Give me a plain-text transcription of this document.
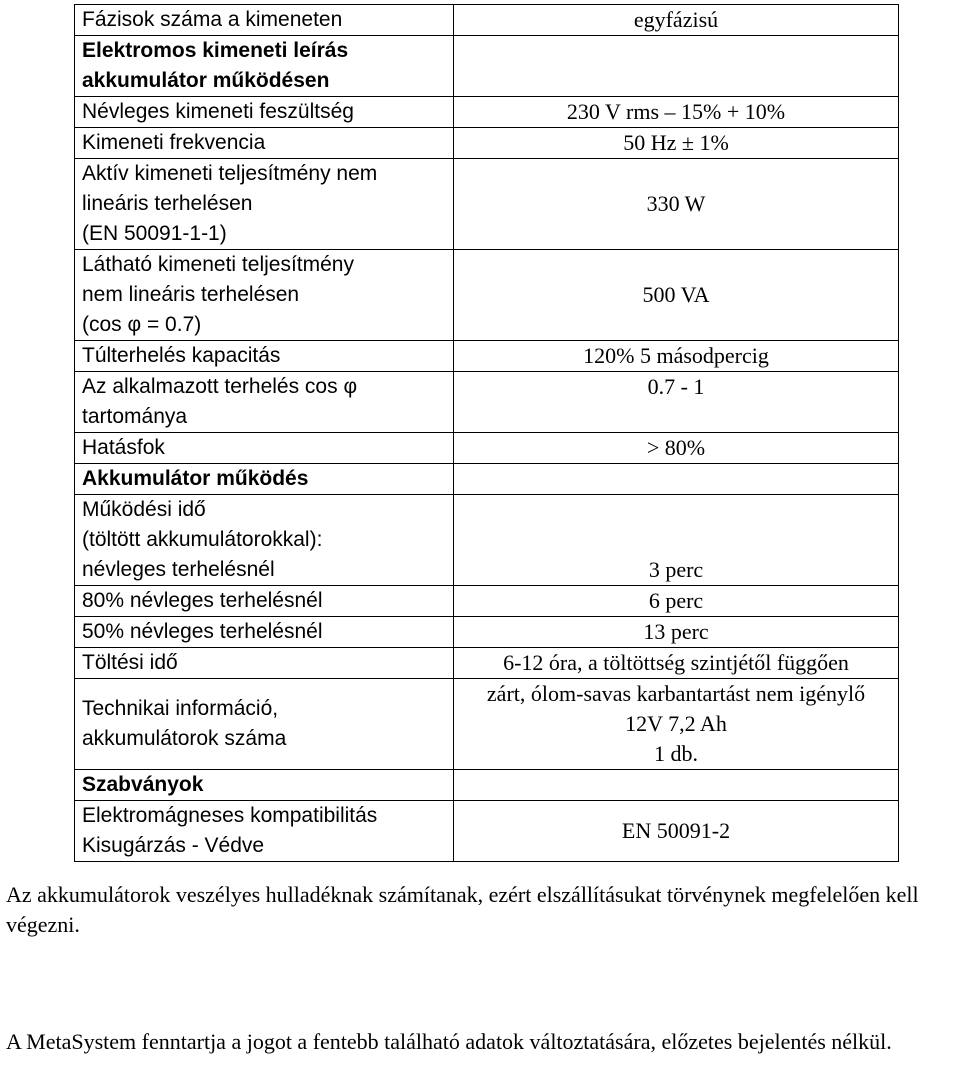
Fázisok száma a kimeneten	egyfázisú

Elektromos kimeneti leírás
akkumulátor működésen	

Névleges kimeneti feszültség	230 V rms – 15% + 10%

Kimeneti frekvencia	50 Hz ± 1%

Aktív kimeneti teljesítmény nem
lineáris terhelésen
(EN 50091-1-1)	330 W

Látható kimeneti teljesítmény
nem lineáris terhelésen
(cos φ = 0.7)	500 VA

Túlterhelés kapacitás	120% 5 másodpercig

Az alkalmazott terhelés cos φ
tartománya	0.7 - 1

Hatásfok	> 80%

Akkumulátor működés	

Működési idő
(töltött akkumulátorokkal):
névleges terhelésnél	3 perc

80% névleges terhelésnél	6 perc

50% névleges terhelésnél	13 perc

Töltési idő	6-12 óra, a töltöttség szintjétől függően

Technikai információ,
akkumulátorok száma	zárt, ólom-savas karbantartást nem igénylő
12V 7,2 Ah
1 db.

Szabványok	

Elektromágneses kompatibilitás
Kisugárzás - Védve	EN 50091-2

Az akkumulátorok veszélyes hulladéknak számítanak, ezért elszállításukat törvénynek megfelelően kell végezni.

A MetaSystem fenntartja a jogot a fentebb található adatok változtatására, előzetes bejelentés nélkül.
